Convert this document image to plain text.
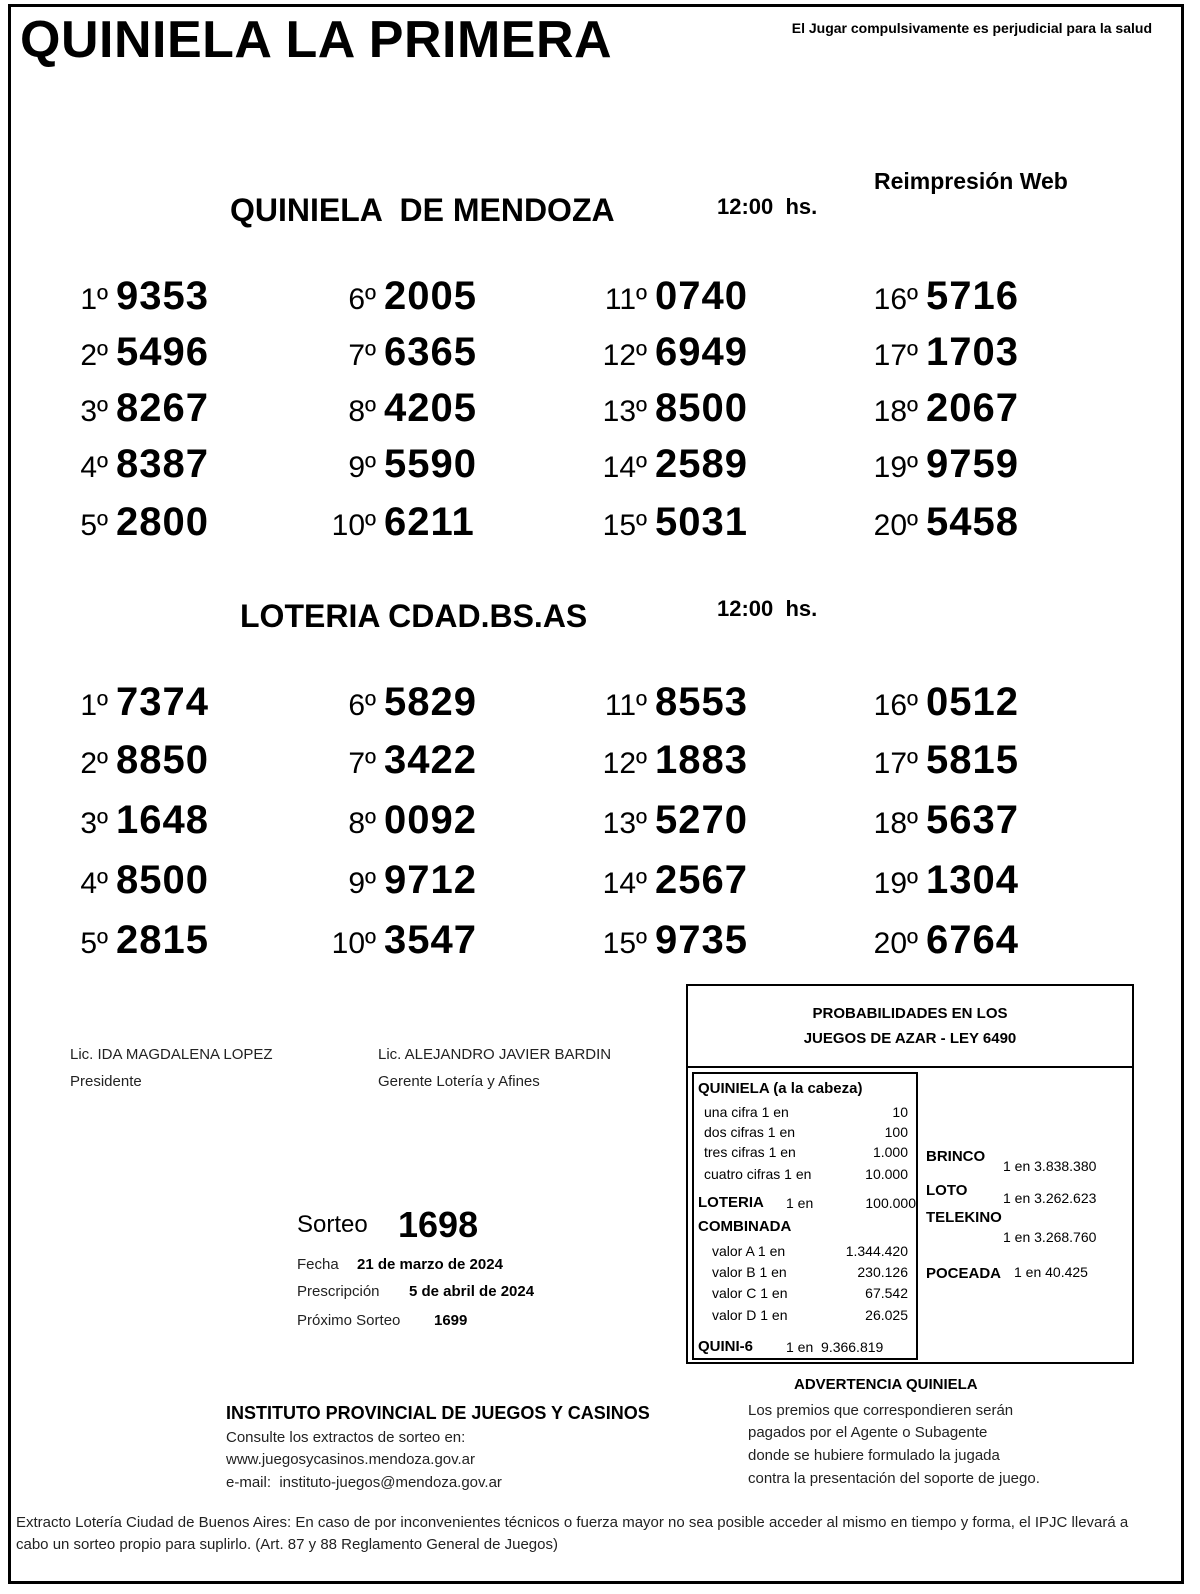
QUINIELA LA PRIMERA	El Jugar compulsivamente es perjudicial para la salud
Reimpresión Web
QUINIELA  DE MENDOZA	12:00  hs.
1º 9353
2º 5496
3º 8267
4º 8387
5º 2800
6º 2005
7º 6365
8º 4205
9º 5590
10º 6211
11º 0740
12º 6949
13º 8500
14º 2589
15º 5031
16º 5716
17º 1703
18º 2067
19º 9759
20º 5458
LOTERIA CDAD.BS.AS	12:00  hs.
1º 7374
2º 8850
3º 1648
4º 8500
5º 2815
6º 5829
7º 3422
8º 0092
9º 9712
10º 3547
11º 8553
12º 1883
13º 5270
14º 2567
15º 9735
16º 0512
17º 5815
18º 5637
19º 1304
20º 6764
Lic. IDA MAGDALENA LOPEZ
Presidente
Lic. ALEJANDRO JAVIER BARDIN
Gerente Lotería y Afines
Sorteo 1698
Fecha 21 de marzo de 2024
Prescripción 5 de abril de 2024
Próximo Sorteo 1699
PROBABILIDADES EN LOS
JUEGOS DE AZAR - LEY 6490
QUINIELA (a la cabeza)
una cifra 1 en	10
dos cifras 1 en	100
tres cifras 1 en	1.000
cuatro cifras 1 en	10.000
LOTERIA 1 en	100.000
COMBINADA
valor A 1 en	1.344.420
valor B 1 en	230.126
valor C 1 en	67.542
valor D 1 en	26.025
QUINI-6 1 en  9.366.819
BRINCO
1 en 3.838.380
LOTO	1 en 3.262.623
TELEKINO
1 en 3.268.760
POCEADA 1 en 40.425
ADVERTENCIA QUINIELA
Los premios que correspondieren serán
pagados por el Agente o Subagente
donde se hubiere formulado la jugada
contra la presentación del soporte de juego.
INSTITUTO PROVINCIAL DE JUEGOS Y CASINOS
Consulte los extractos de sorteo en:
www.juegosycasinos.mendoza.gov.ar
e-mail:  instituto-juegos@mendoza.gov.ar
Extracto Lotería Ciudad de Buenos Aires: En caso de por inconvenientes técnicos o fuerza mayor no sea posible acceder al mismo en tiempo y forma, el IPJC llevará a cabo un sorteo propio para suplirlo. (Art. 87 y 88 Reglamento General de Juegos)
